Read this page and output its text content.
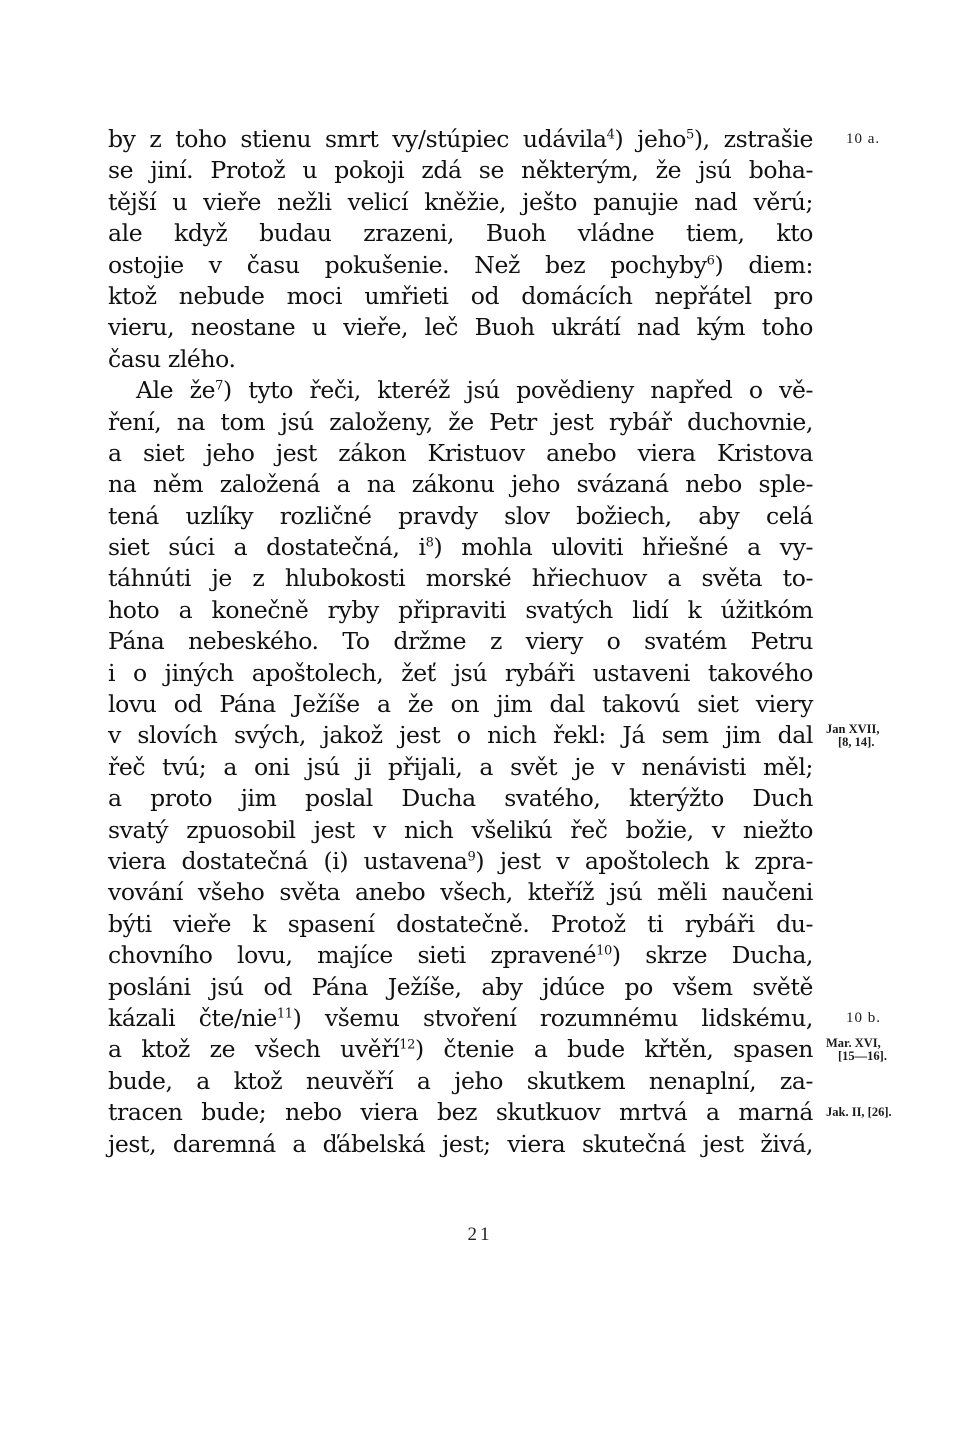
by z toho stienu smrt vy/stúpiec udávila$^4$) jeho$^5$), zstrašie
se jiní. Protož u pokoji zdá se některým, že jsú boha-
tější u vieře nežli velicí kněžie, ješto panujie nad věrú;
ale když budau zrazeni, Buoh vládne tiem, kto
ostojie v času pokušenie. Než bez pochyby$^6$) diem:
ktož nebude moci umřieti od domácích nepřátel pro
vieru, neostane u vieře, leč Buoh ukrátí nad kým toho
času zlého.
Ale $že^7$) tyto řeči, kteréž jsú povědieny napřed o vě-
ření, na tom jsú založeny, že Petr jest rybář duchovnie,
a siet jeho jest zákon Kristuov anebo viera Kristova
na něm založená a na zákonu jeho svázaná nebo sple-
tená uzlíky rozličné pravdy slov božiech, aby celá
siet súci a dostatečná, $i^8$) mohla uloviti hřiešné a vy-
táhnúti je z hlubokosti morské hřiechuov a světa to-
hoto a konečně ryby připraviti svatých lidí k úžitkóm
Pána nebeského. To držme z viery o svatém Petru
i o jiných apoštolech, žeť jsú rybáři ustaveni takového
lovu od Pána Ježíše a že on jim dal takovú siet viery
v slovích svých, jakož jest o nich řekl: Já sem jim dal
řeč tvú; a oni jsú ji přijali, a svět je v nenávisti měl;
a proto jim poslal Ducha svatého, kterýžto Duch
svatý zpuosobil jest v nich všelikú řeč božie, v niežto
viera dostatečná (i) ustavena$^9$) jest v apoštolech k zpra-
vování všeho světa anebo všech, kteříž jsú měli naučeni
býti vieře k spasení dostatečně. Protož ti rybáři du-
chovního lovu, majíce sieti zpravené$^{10}$) skrze Ducha,
posláni jsú od Pána Ježíše, aby jdúce po všem světě
kázali čte/nie$^{11}$) všemu stvoření rozumnému lidskému,
a ktož ze všech uvěří$^{12}$) čtenie a bude křtěn, spasen
bude, a ktož neuvěří a jeho skutkem nenaplní, za-
tracen bude; nebo viera bez skutkuov mrtvá a marná
jest, daremná a ďábelská jest; viera skutečná jest živá,
10 a.
Jan XVII,
[8, 14].
10 b.
Mar. XVI,
[15—16].
Jak. II, [26].
21
